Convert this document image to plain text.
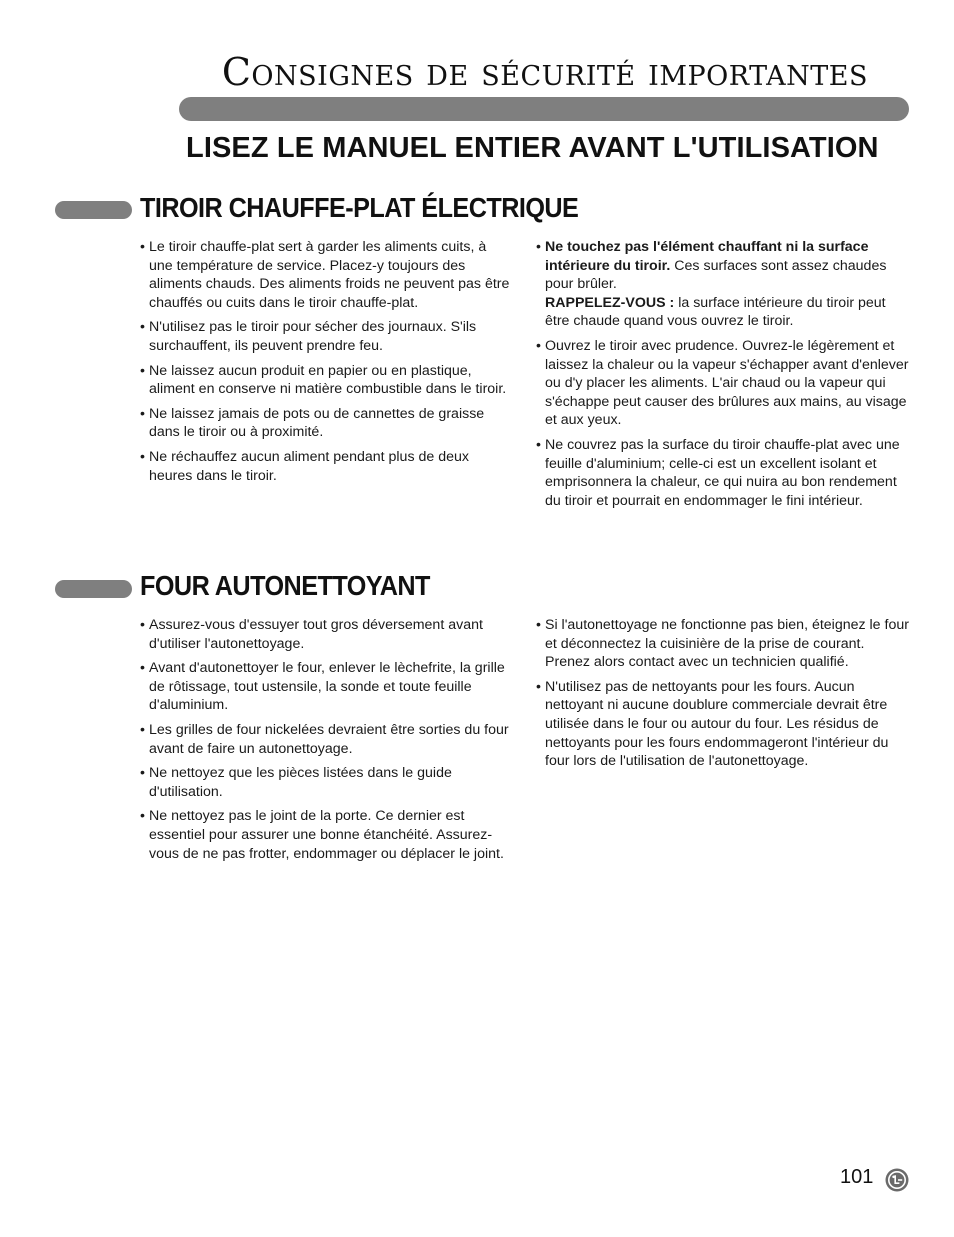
Consignes de sécurité importantes
LISEZ LE MANUEL ENTIER AVANT L'UTILISATION
TIROIR CHAUFFE-PLAT ÉLECTRIQUE
• Le tiroir chauffe-plat sert à garder les aliments cuits, à une température de service. Placez-y toujours des aliments chauds. Des aliments froids ne peuvent pas être chauffés ou cuits dans le tiroir chauffe-plat.
• N'utilisez pas le tiroir pour sécher des journaux. S'ils surchauffent, ils peuvent prendre feu.
• Ne laissez aucun produit en papier ou en plastique, aliment en conserve ni matière combustible dans le tiroir.
• Ne laissez jamais de pots ou de cannettes de graisse dans le tiroir ou à proximité.
• Ne réchauffez aucun aliment pendant plus de deux heures dans le tiroir.
• Ne touchez pas l'élément chauffant ni la surface intérieure du tiroir. Ces surfaces sont assez chaudes pour brûler.
RAPPELEZ-VOUS : la surface intérieure du tiroir peut être chaude quand vous ouvrez le tiroir.
• Ouvrez le tiroir avec prudence. Ouvrez-le légèrement et laissez la chaleur ou la vapeur s'échapper avant d'enlever ou d'y placer les aliments. L'air chaud ou la vapeur qui s'échappe peut causer des brûlures aux mains, au visage et aux yeux.
• Ne couvrez pas la surface du tiroir chauffe-plat avec une feuille d'aluminium; celle-ci est un excellent isolant et emprisonnera la chaleur, ce qui nuira au bon rendement du tiroir et pourrait en endommager le fini intérieur.
FOUR AUTONETTOYANT
• Assurez-vous d'essuyer tout gros déversement avant d'utiliser l'autonettoyage.
• Avant d'autonettoyer le four, enlever le lèchefrite, la grille de rôtissage, tout ustensile, la sonde et toute feuille d'aluminium.
• Les grilles de four nickelées devraient être sorties du four avant de faire un autonettoyage.
• Ne nettoyez que les pièces listées dans le guide d'utilisation.
• Ne nettoyez pas le joint de la porte. Ce dernier est essentiel pour assurer une bonne étanchéité. Assurez-vous de ne pas frotter, endommager ou déplacer le joint.
• Si l'autonettoyage ne fonctionne pas bien, éteignez le four et déconnectez la cuisinière de la prise de courant. Prenez alors contact avec un technicien qualifié.
• N'utilisez pas de nettoyants pour les fours. Aucun nettoyant ni aucune doublure commerciale devrait être utilisée dans le four ou autour du four. Les résidus de nettoyants pour les fours endommageront l'intérieur du four lors de l'utilisation de l'autonettoyage.
101
